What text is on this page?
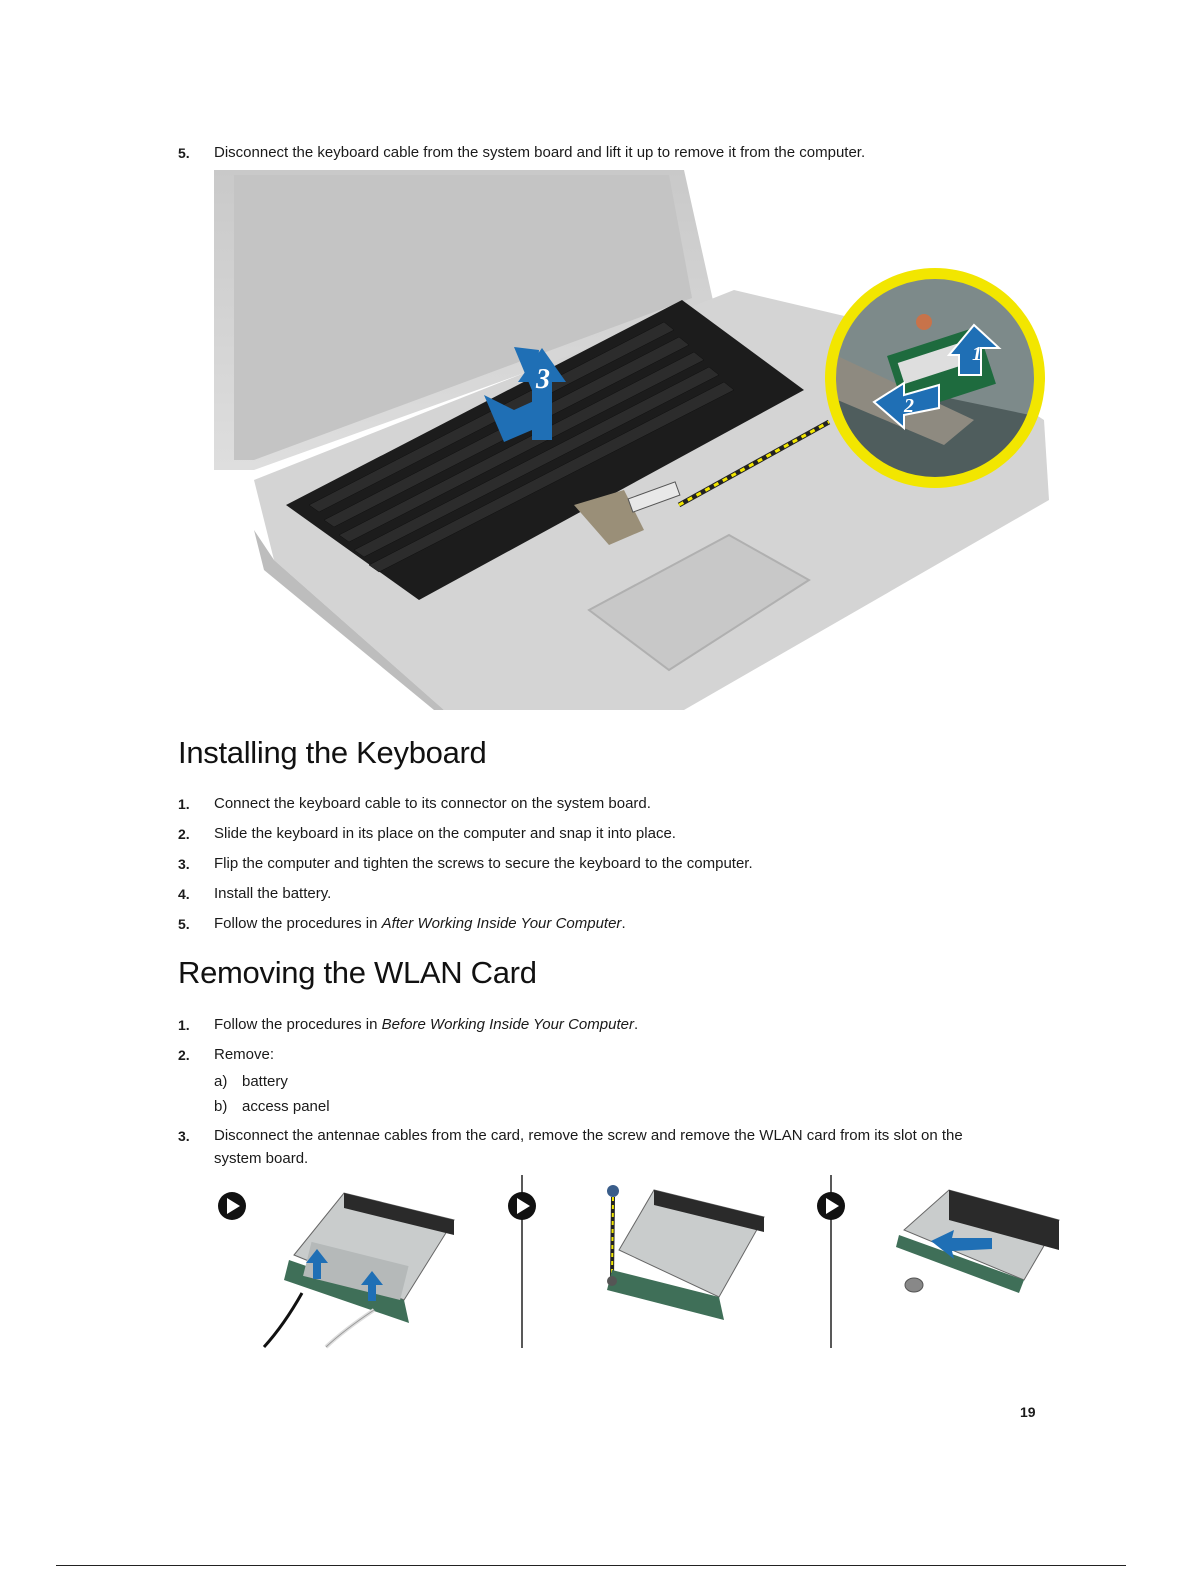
5. Disconnect the keyboard cable from the system board and lift it up to remove it from the computer.
3
1
2
Installing the Keyboard
1. Connect the keyboard cable to its connector on the system board.
2. Slide the keyboard in its place on the computer and snap it into place.
3. Flip the computer and tighten the screws to secure the keyboard to the computer.
4. Install the battery.
5. Follow the procedures in After Working Inside Your Computer.
Removing the WLAN Card
1. Follow the procedures in Before Working Inside Your Computer.
2. Remove:
a) battery
b) access panel
3. Disconnect the antennae cables from the card, remove the screw and remove the WLAN card from its slot on the
system board.
19
